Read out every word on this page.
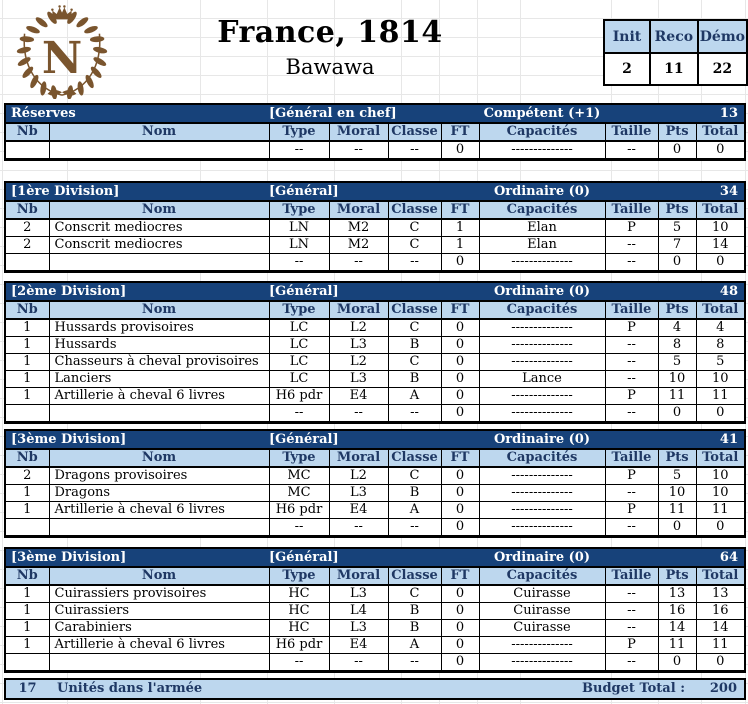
N
France, 1814
Bawawa
Init	Reco	Démo
2	11	22
Réserves	[Général en chef]	Compétent (+1)	13
Nb	Nom	Type	Moral	Classe	FT	Capacités	Taille	Pts	Total
		--	--	--	0	--------------	--	0	0
[1ère Division]	[Général]	Ordinaire (0)	34
Nb	Nom	Type	Moral	Classe	FT	Capacités	Taille	Pts	Total
2	Conscrit mediocres	LN	M2	C	1	Elan	P	5	10
2	Conscrit mediocres	LN	M2	C	1	Elan	--	7	14
		--	--	--	0	--------------	--	0	0
[2ème Division]	[Général]	Ordinaire (0)	48
Nb	Nom	Type	Moral	Classe	FT	Capacités	Taille	Pts	Total
1	Hussards provisoires	LC	L2	C	0	--------------	P	4	4
1	Hussards	LC	L3	B	0	--------------	--	8	8
1	Chasseurs à cheval provisoires	LC	L2	C	0	--------------	--	5	5
1	Lanciers	LC	L3	B	0	Lance	--	10	10
1	Artillerie à cheval 6 livres	H6 pdr	E4	A	0	--------------	P	11	11
		--	--	--	0	--------------	--	0	0
[3ème Division]	[Général]	Ordinaire (0)	41
Nb	Nom	Type	Moral	Classe	FT	Capacités	Taille	Pts	Total
2	Dragons provisoires	MC	L2	C	0	--------------	P	5	10
1	Dragons	MC	L3	B	0	--------------	--	10	10
1	Artillerie à cheval 6 livres	H6 pdr	E4	A	0	--------------	P	11	11
		--	--	--	0	--------------	--	0	0
[3ème Division]	[Général]	Ordinaire (0)	64
Nb	Nom	Type	Moral	Classe	FT	Capacités	Taille	Pts	Total
1	Cuirassiers provisoires	HC	L3	C	0	Cuirasse	--	13	13
1	Cuirassiers	HC	L4	B	0	Cuirasse	--	16	16
1	Carabiniers	HC	L3	B	0	Cuirasse	--	14	14
1	Artillerie à cheval 6 livres	H6 pdr	E4	A	0	--------------	P	11	11
		--	--	--	0	--------------	--	0	0
17	Unités dans l'armée	Budget Total :	200
